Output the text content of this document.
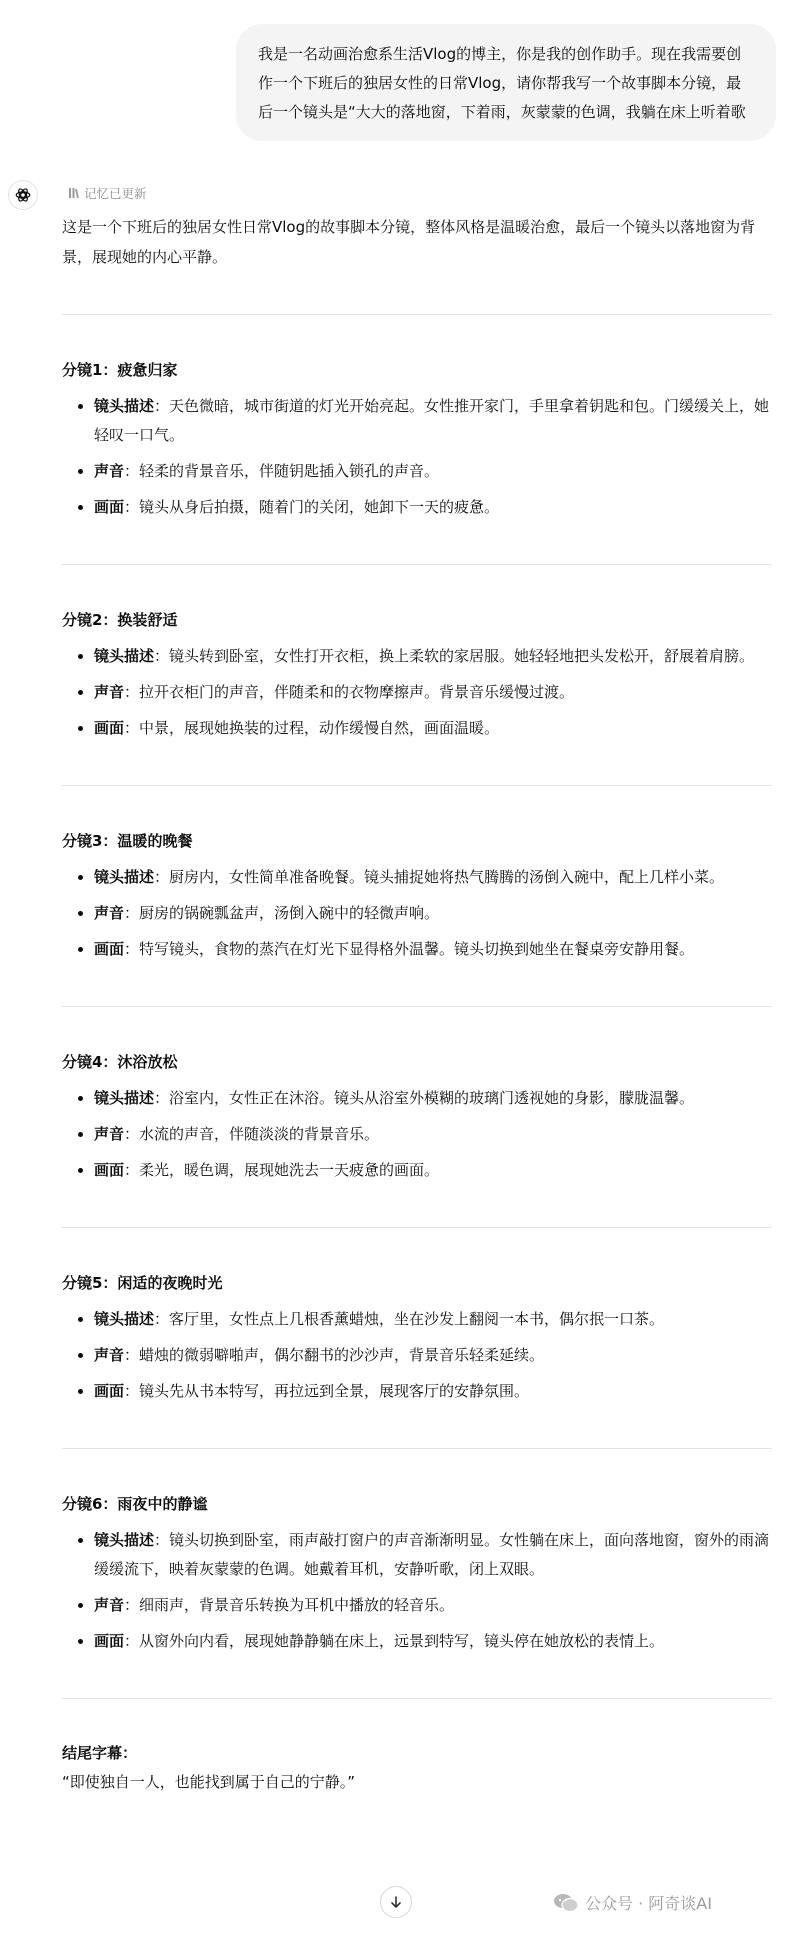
我是一名动画治愈系生活Vlog的博主，你是我的创作助手。现在我需要创作一个下班后的独居女性的日常Vlog，请你帮我写一个故事脚本分镜，最后一个镜头是“大大的落地窗，下着雨，灰蒙蒙的色调，我躺在床上听着歌
记忆已更新

这是一个下班后的独居女性日常Vlog的故事脚本分镜，整体风格是温暖治愈，最后一个镜头以落地窗为背景，展现她的内心平静。

分镜1：疲惫归家
• 镜头描述：天色微暗，城市街道的灯光开始亮起。女性推开家门，手里拿着钥匙和包。门缓缓关上，她轻叹一口气。
• 声音：轻柔的背景音乐，伴随钥匙插入锁孔的声音。
• 画面：镜头从身后拍摄，随着门的关闭，她卸下一天的疲惫。
分镜2：换装舒适
• 镜头描述：镜头转到卧室，女性打开衣柜，换上柔软的家居服。她轻轻地把头发松开，舒展着肩膀。
• 声音：拉开衣柜门的声音，伴随柔和的衣物摩擦声。背景音乐缓慢过渡。
• 画面：中景，展现她换装的过程，动作缓慢自然，画面温暖。
分镜3：温暖的晚餐
• 镜头描述：厨房内，女性简单准备晚餐。镜头捕捉她将热气腾腾的汤倒入碗中，配上几样小菜。
• 声音：厨房的锅碗瓢盆声，汤倒入碗中的轻微声响。
• 画面：特写镜头，食物的蒸汽在灯光下显得格外温馨。镜头切换到她坐在餐桌旁安静用餐。
分镜4：沐浴放松
• 镜头描述：浴室内，女性正在沐浴。镜头从浴室外模糊的玻璃门透视她的身影，朦胧温馨。
• 声音：水流的声音，伴随淡淡的背景音乐。
• 画面：柔光，暖色调，展现她洗去一天疲惫的画面。
分镜5：闲适的夜晚时光
• 镜头描述：客厅里，女性点上几根香薰蜡烛，坐在沙发上翻阅一本书，偶尔抿一口茶。
• 声音：蜡烛的微弱噼啪声，偶尔翻书的沙沙声，背景音乐轻柔延续。
• 画面：镜头先从书本特写，再拉远到全景，展现客厅的安静氛围。
分镜6：雨夜中的静谧
• 镜头描述：镜头切换到卧室，雨声敲打窗户的声音渐渐明显。女性躺在床上，面向落地窗，窗外的雨滴缓缓流下，映着灰蒙蒙的色调。她戴着耳机，安静听歌，闭上双眼。
• 声音：细雨声，背景音乐转换为耳机中播放的轻音乐。
• 画面：从窗外向内看，展现她静静躺在床上，远景到特写，镜头停在她放松的表情上。
结尾字幕：
“即使独自一人，也能找到属于自己的宁静。”
公众号 · 阿奇谈AI
